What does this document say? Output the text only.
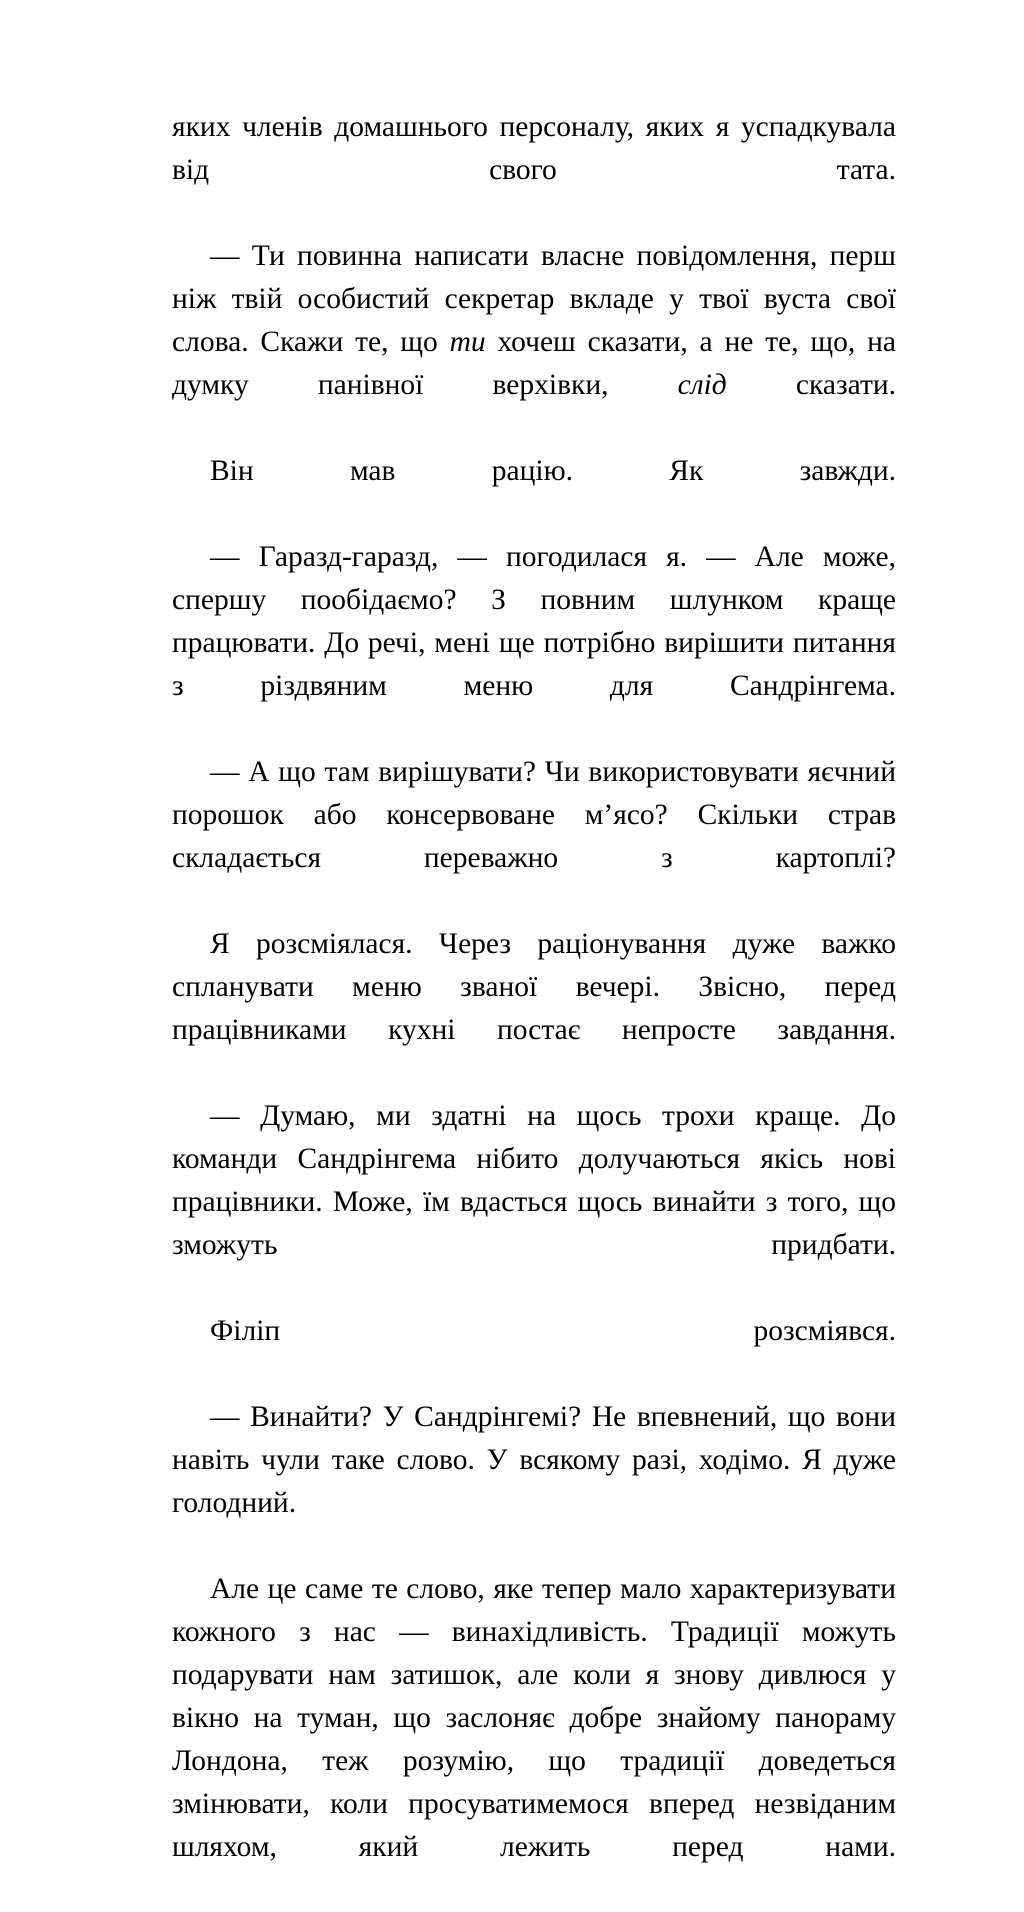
яких членів домашнього персоналу, яких я успадкувала від свого тата.

— Ти повинна написати власне повідомлення, перш ніж твій особистий секретар вкладе у твої вуста свої слова. Скажи те, що ти хочеш сказати, а не те, що, на думку панівної верхівки, слід сказати.

Він мав рацію. Як завжди.

— Гаразд-гаразд, — погодилася я. — Але може, спершу пообідаємо? З повним шлунком краще працювати. До речі, мені ще потрібно вирішити питання з різдвяним меню для Сандрінгема.

— А що там вирішувати? Чи використовувати яєчний порошок або консервоване м’ясо? Скільки страв складається переважно з картоплі?

Я розсміялася. Через раціонування дуже важко спланувати меню званої вечері. Звісно, перед працівниками кухні постає непросте завдання.

— Думаю, ми здатні на щось трохи краще. До команди Сандрінгема нібито долучаються якісь нові працівники. Може, їм вдасться щось винайти з того, що зможуть придбати.

Філіп розсміявся.

— Винайти? У Сандрінгемі? Не впевнений, що вони навіть чули таке слово. У всякому разі, ходімо. Я дуже голодний.

Але це саме те слово, яке тепер мало характеризувати кожного з нас — винахідливість. Традиції можуть подарувати нам затишок, але коли я знову дивлюся у вікно на туман, що заслоняє добре знайому панораму Лондона, теж розумію, що традиції доведеться змінювати, коли просуватимемося вперед незвіданим шляхом, який лежить перед нами.
